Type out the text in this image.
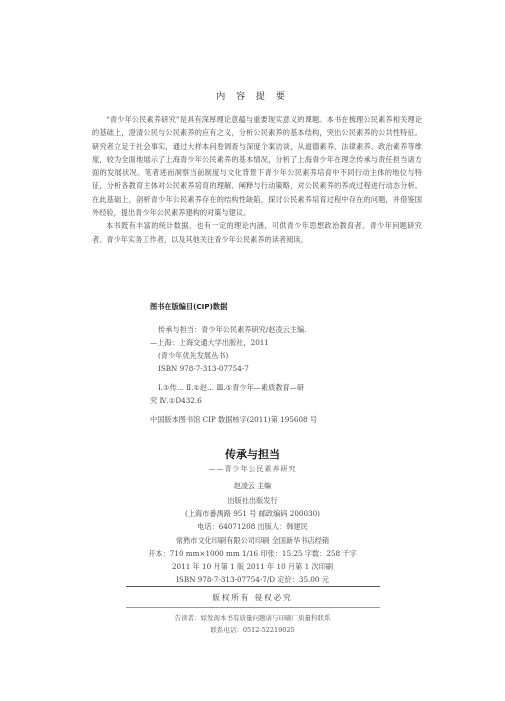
内 容 提 要

“青少年公民素养研究”是具有深厚理论意蕴与重要现实意义的课题。本书在梳理公民素养相关理论的基础上，澄清公民与公民素养的应有之义，分析公民素养的基本结构，突出公民素养的公共性特征。研究者立足于社会事实，通过大样本问卷调查与深度个案访谈，从道德素养、法律素养、政治素养等维度，较为全面地展示了上海青少年公民素养的基本情况，分析了上海青少年在理念传承与责任担当诸方面的发展状况。笔者进而洞察当前制度与文化背景下青少年公民素养培育中不同行动主体的地位与特征，分析各教育主体对公民素养培育的理解、阐释与行动策略，对公民素养的养成过程进行动态分析。在此基础上，剖析青少年公民素养存在的结构性缺陷，探讨公民素养培育过程中存在的问题，并借鉴国外经验，提出青少年公民素养建构的对策与建议。

本书既有丰富的统计数据，也有一定的理论内涵，可供青少年思想政治教育者、青少年问题研究者、青少年实务工作者，以及其他关注青少年公民素养的读者阅读。

图书在版编目(CIP)数据
传承与担当：青少年公民素养研究/赵凌云主编.
—上海：上海交通大学出版社，2011
(青少年优先发展丛书)
ISBN 978-7-313-07754-7
Ⅰ.①传… Ⅱ.①赵… Ⅲ.①青少年—素质教育—研
究 Ⅳ.①D432.6
中国版本图书馆 CIP 数据核字(2011)第 195608 号
传承与担当
——青少年公民素养研究
赵凌云 主编
出版社出版发行
(上海市番禺路 951 号 邮政编码 200030)
电话：64071208 出版人：韩建民
常熟市文化印刷有限公司印刷 全国新华书店经销
开本：710 mm×1000 mm 1/16 印张：15.25 字数：258 千字
2011 年 10 月第 1 版 2011 年 10 月第 1 次印刷
ISBN 978-7-313-07754-7/D 定价：35.00 元
版权所有 侵权必究
告读者：如发现本书有质量问题请与印刷厂质量科联系
联系电话：0512-52219025
